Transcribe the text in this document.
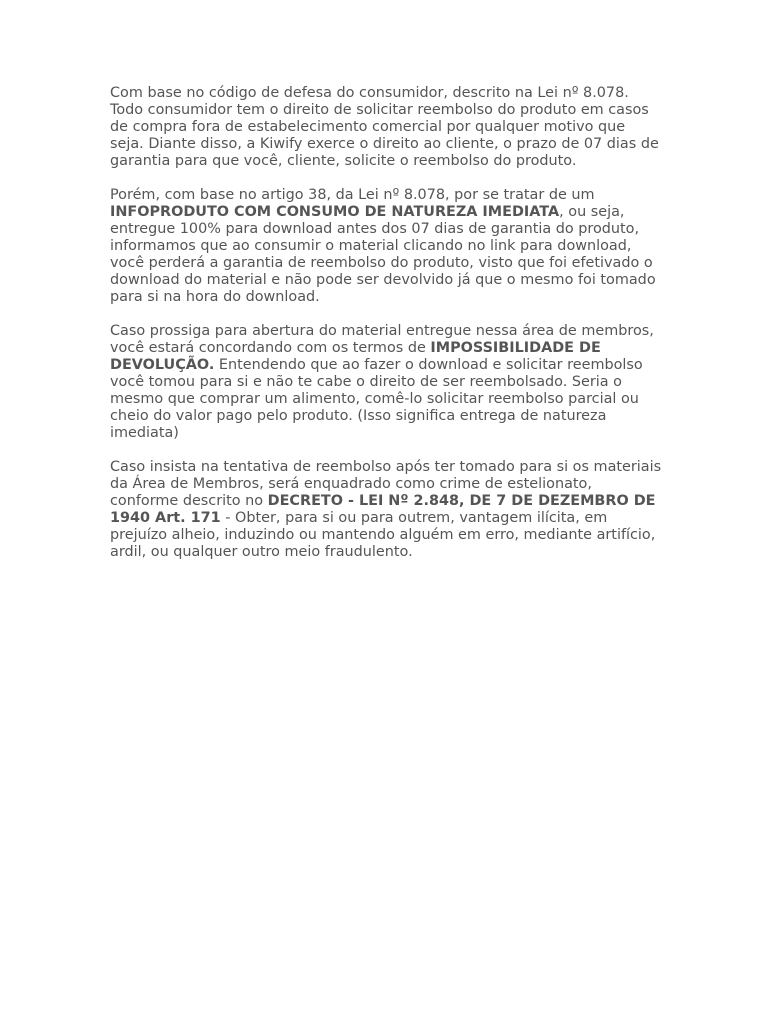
Com base no código de defesa do consumidor, descrito na Lei nº 8.078. Todo consumidor tem o direito de solicitar reembolso do produto em casos de compra fora de estabelecimento comercial por qualquer motivo que seja. Diante disso, a Kiwify exerce o direito ao cliente, o prazo de 07 dias de garantia para que você, cliente, solicite o reembolso do produto.

Porém, com base no artigo 38, da Lei nº 8.078, por se tratar de um INFOPRODUTO COM CONSUMO DE NATUREZA IMEDIATA, ou seja, entregue 100% para download antes dos 07 dias de garantia do produto, informamos que ao consumir o material clicando no link para download, você perderá a garantia de reembolso do produto, visto que foi efetivado o download do material e não pode ser devolvido já que o mesmo foi tomado para si na hora do download.

Caso prossiga para abertura do material entregue nessa área de membros, você estará concordando com os termos de IMPOSSIBILIDADE DE DEVOLUÇÃO. Entendendo que ao fazer o download e solicitar reembolso você tomou para si e não te cabe o direito de ser reembolsado. Seria o mesmo que comprar um alimento, comê-lo solicitar reembolso parcial ou cheio do valor pago pelo produto. (Isso significa entrega de natureza imediata)

Caso insista na tentativa de reembolso após ter tomado para si os materiais da Área de Membros, será enquadrado como crime de estelionato, conforme descrito no DECRETO - LEI Nº 2.848, DE 7 DE DEZEMBRO DE 1940 Art. 171 - Obter, para si ou para outrem, vantagem ilícita, em prejuízo alheio, induzindo ou mantendo alguém em erro, mediante artifício, ardil, ou qualquer outro meio fraudulento.
